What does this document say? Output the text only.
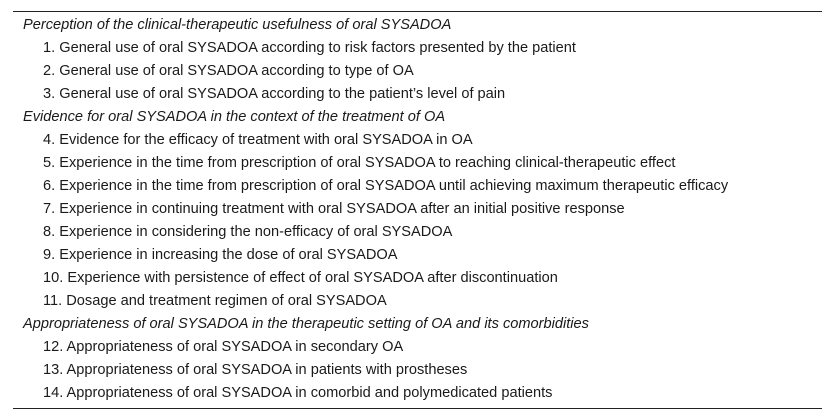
Perception of the clinical-therapeutic usefulness of oral SYSADOA
1. General use of oral SYSADOA according to risk factors presented by the patient
2. General use of oral SYSADOA according to type of OA
3. General use of oral SYSADOA according to the patient’s level of pain
Evidence for oral SYSADOA in the context of the treatment of OA
4. Evidence for the efficacy of treatment with oral SYSADOA in OA
5. Experience in the time from prescription of oral SYSADOA to reaching clinical-therapeutic effect
6. Experience in the time from prescription of oral SYSADOA until achieving maximum therapeutic efficacy
7. Experience in continuing treatment with oral SYSADOA after an initial positive response
8. Experience in considering the non-efficacy of oral SYSADOA
9. Experience in increasing the dose of oral SYSADOA
10. Experience with persistence of effect of oral SYSADOA after discontinuation
11. Dosage and treatment regimen of oral SYSADOA
Appropriateness of oral SYSADOA in the therapeutic setting of OA and its comorbidities
12. Appropriateness of oral SYSADOA in secondary OA
13. Appropriateness of oral SYSADOA in patients with prostheses
14. Appropriateness of oral SYSADOA in comorbid and polymedicated patients
